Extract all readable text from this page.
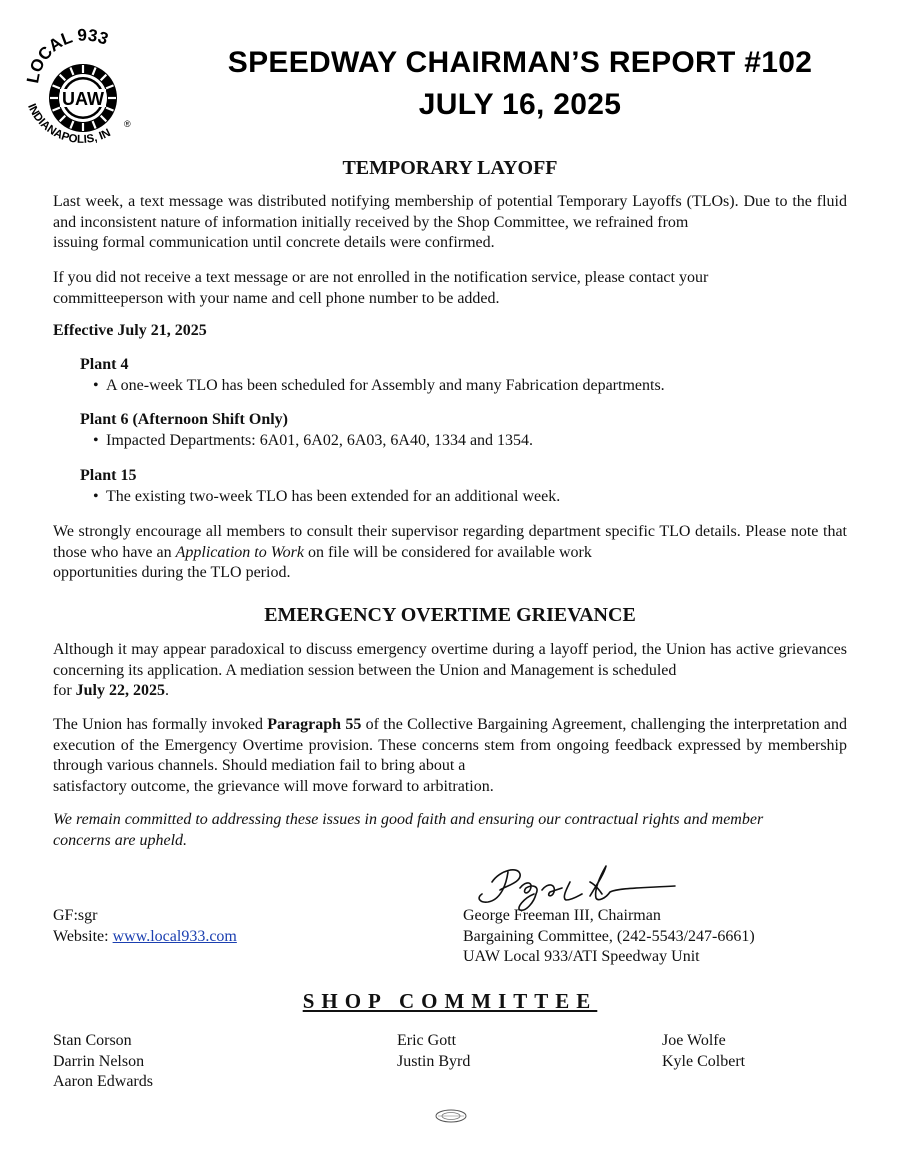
LOCAL 933
UAW
®
INDIANAPOLIS, IN
SPEEDWAY CHAIRMAN’S REPORT #102
JULY 16, 2025
TEMPORARY LAYOFF
Last week, a text message was distributed notifying membership of potential Temporary Layoffs (TLOs). Due to the fluid and inconsistent nature of information initially received by the Shop Committee, we refrained from
issuing formal communication until concrete details were confirmed.
If you did not receive a text message or are not enrolled in the notification service, please contact your
committeeperson with your name and cell phone number to be added.
Effective July 21, 2025
Plant 4
• A one-week TLO has been scheduled for Assembly and many Fabrication departments.
Plant 6 (Afternoon Shift Only)
• Impacted Departments: 6A01, 6A02, 6A03, 6A40, 1334 and 1354.
Plant 15
• The existing two-week TLO has been extended for an additional week.
We strongly encourage all members to consult their supervisor regarding department specific TLO details. Please note that those who have an Application to Work on file will be considered for available work
opportunities during the TLO period.
EMERGENCY OVERTIME GRIEVANCE
Although it may appear paradoxical to discuss emergency overtime during a layoff period, the Union has active grievances concerning its application. A mediation session between the Union and Management is scheduled
for July 22, 2025.
The Union has formally invoked Paragraph 55 of the Collective Bargaining Agreement, challenging the interpretation and execution of the Emergency Overtime provision. These concerns stem from ongoing feedback expressed by membership through various channels. Should mediation fail to bring about a
satisfactory outcome, the grievance will move forward to arbitration.
We remain committed to addressing these issues in good faith and ensuring our contractual rights and member
concerns are upheld.
GF:sgr
Website: www.local933.com
George Freeman III, Chairman
Bargaining Committee, (242-5543/247-6661)
UAW Local 933/ATI Speedway Unit
SHOP COMMITTEE
Stan Corson
Darrin Nelson
Aaron Edwards
Eric Gott
Justin Byrd
Joe Wolfe
Kyle Colbert
